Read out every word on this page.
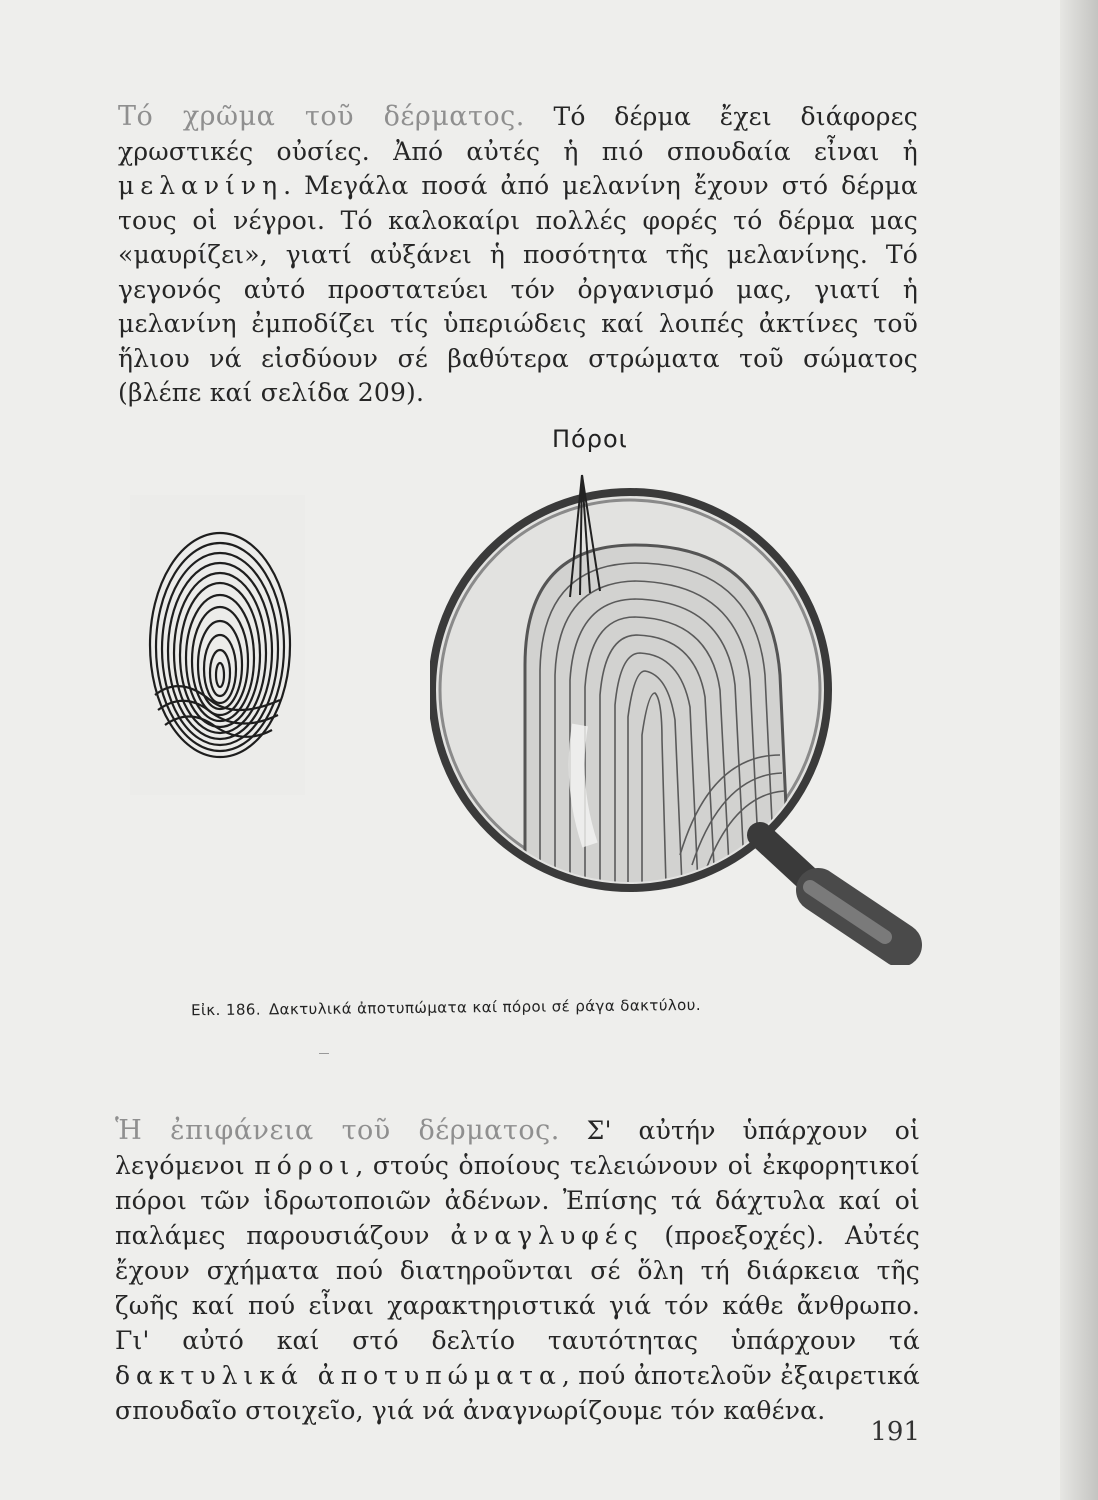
Τό χρῶμα τοῦ δέρματος. Τό δέρμα ἔχει διάφορες χρωστικές οὐσίες. Ἀπό αὐτές ἡ πιό σπουδαία εἶναι ἡ μελανίνη. Μεγάλα ποσά ἀπό μελανίνη ἔχουν στό δέρμα τους οἱ νέγροι. Τό καλοκαίρι πολλές φορές τό δέρμα μας «μαυρίζει», γιατί αὐξάνει ἡ ποσότητα τῆς μελανίνης. Τό γεγονός αὐτό προστατεύει τόν ὀργανισμό μας, γιατί ἡ μελανίνη ἐμποδίζει τίς ὑπεριώδεις καί λοιπές ἀκτίνες τοῦ ἥλιου νά εἰσδύουν σέ βαθύτερα στρώματα τοῦ σώματος (βλέπε καί σελίδα 209).

Πόροι
Εἰκ. 186. Δακτυλικά ἀποτυπώματα καί πόροι σέ ράγα δακτύλου.

Ἡ ἐπιφάνεια τοῦ δέρματος. Σ' αὐτήν ὑπάρχουν οἱ λεγόμενοι πόροι, στούς ὁποίους τελειώνουν οἱ ἐκφορητικοί πόροι τῶν ἱδρωτοποιῶν ἀδένων. Ἐπίσης τά δάχτυλα καί οἱ παλάμες παρουσιάζουν ἀναγλυφές (προεξοχές). Αὐτές ἔχουν σχήματα πού διατηροῦνται σέ ὅλη τή διάρκεια τῆς ζωῆς καί πού εἶναι χαρακτηριστικά γιά τόν κάθε ἄνθρωπο. Γι' αὐτό καί στό δελτίο ταυτότητας ὑπάρχουν τά δακτυλικά ἀποτυπώματα, πού ἀποτελοῦν ἐξαιρετικά σπουδαῖο στοιχεῖο, γιά νά ἀναγνωρίζουμε τόν καθένα.

191
